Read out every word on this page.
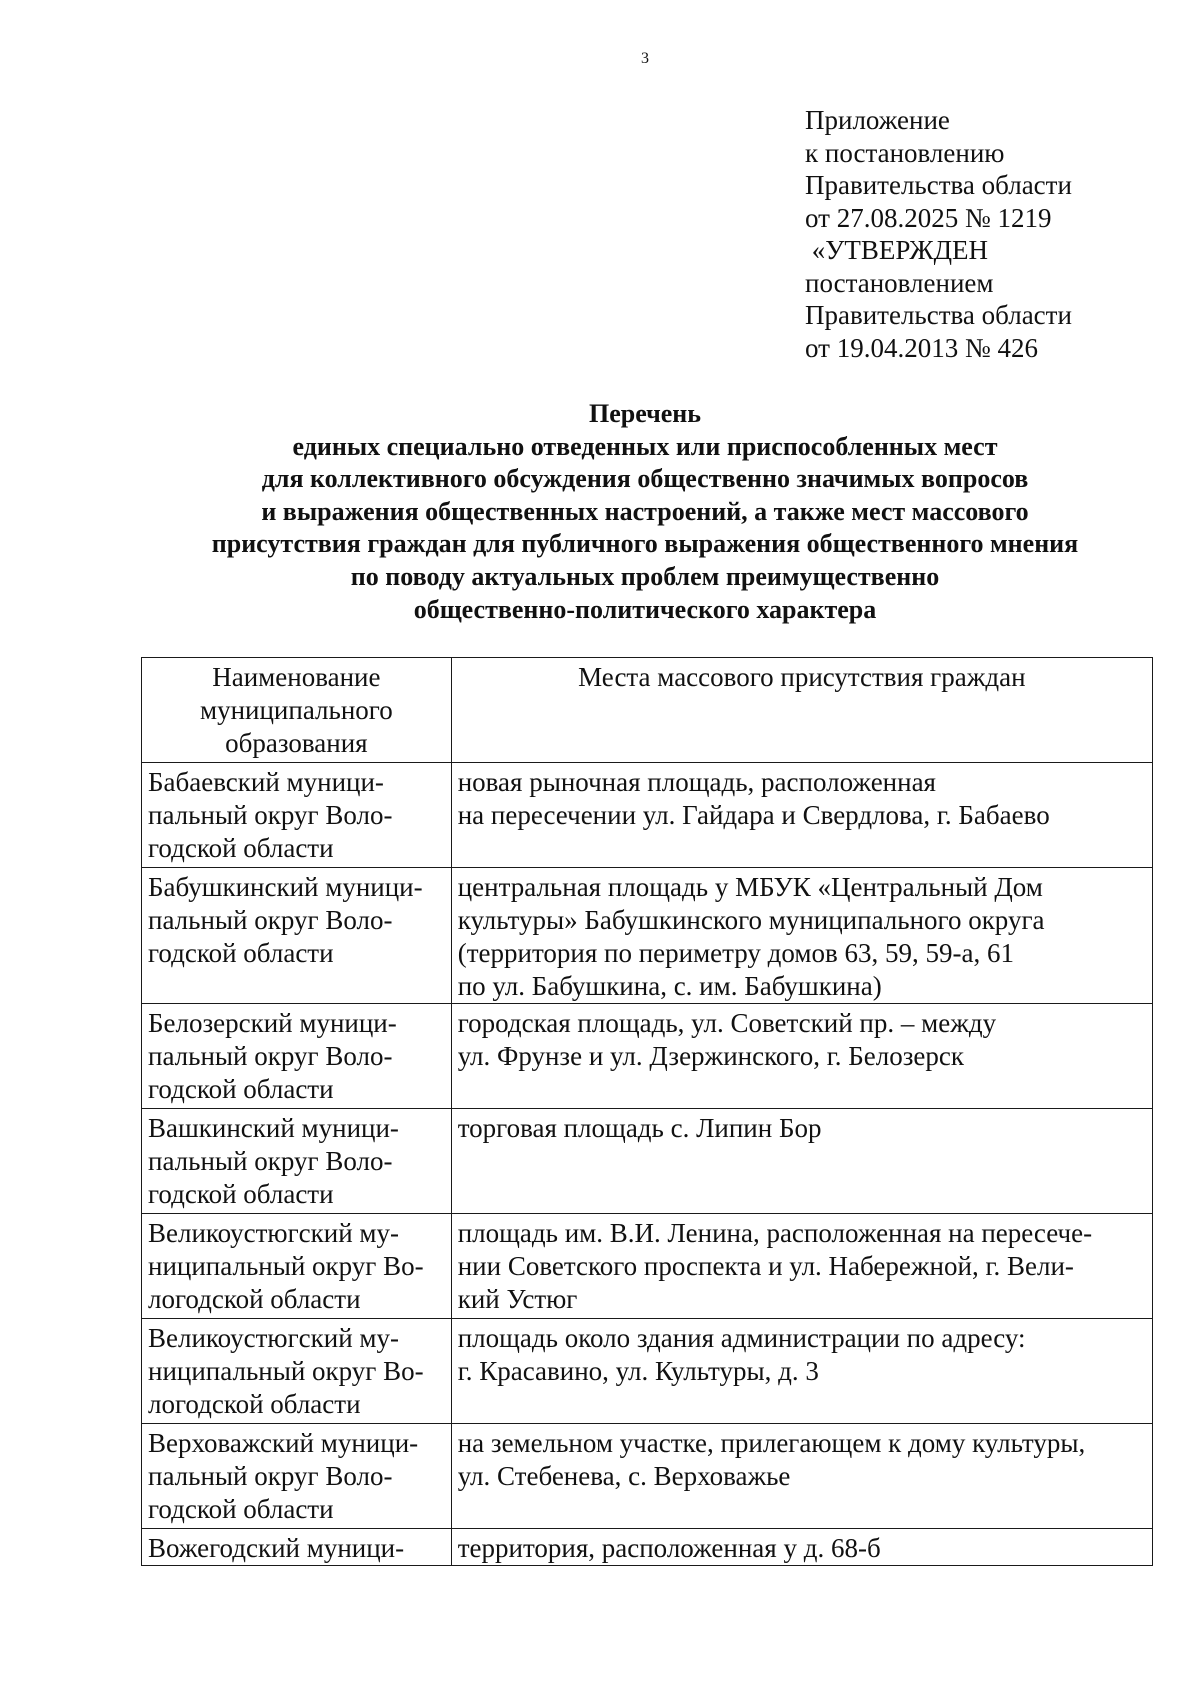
3
Приложение
к постановлению
Правительства области
от 27.08.2025 № 1219
«УТВЕРЖДЕН
постановлением
Правительства области
от 19.04.2013 № 426
Перечень
единых специально отведенных или приспособленных мест
для коллективного обсуждения общественно значимых вопросов
и выражения общественных настроений, а также мест массового
присутствия граждан для публичного выражения общественного мнения
по поводу актуальных проблем преимущественно
общественно-политического характера
Наименование
муниципального
образования	Места массового присутствия граждан

Бабаевский муници-
пальный округ Воло-
годской области	новая рыночная площадь, расположенная
на пересечении ул. Гайдара и Свердлова, г. Бабаево

Бабушкинский муници-
пальный округ Воло-
годской области	центральная площадь у МБУК «Центральный Дом
культуры» Бабушкинского муниципального округа
(территория по периметру домов 63, 59, 59-а, 61
по ул. Бабушкина, с. им. Бабушкина)

Белозерский муници-
пальный округ Воло-
годской области	городская площадь, ул. Советский пр. – между
ул. Фрунзе и ул. Дзержинского, г. Белозерск

Вашкинский муници-
пальный округ Воло-
годской области	торговая площадь с. Липин Бор

Великоустюгский му-
ниципальный округ Во-
логодской области	площадь им. В.И. Ленина, расположенная на пересече-
нии Советского проспекта и ул. Набережной, г. Вели-
кий Устюг

Великоустюгский му-
ниципальный округ Во-
логодской области	площадь около здания администрации по адресу:
г. Красавино, ул. Культуры, д. 3

Верховажский муници-
пальный округ Воло-
годской области	на земельном участке, прилегающем к дому культуры,
ул. Стебенева, с. Верховажье

Вожегодский муници-	территория, расположенная у д. 68-б
